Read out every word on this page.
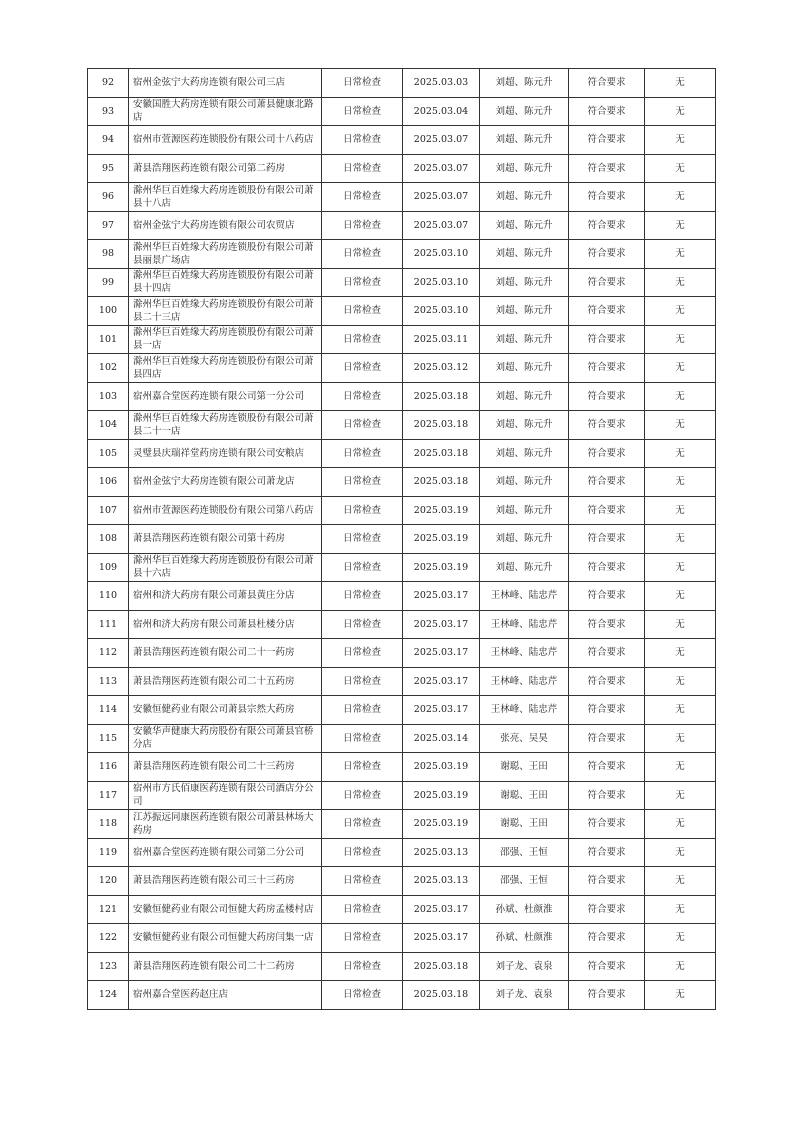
92	宿州金弦宁大药房连锁有限公司三店	日常检查	2025.03.03	刘超、陈元升	符合要求	无
93	安徽国胜大药房连锁有限公司萧县健康北路店	日常检查	2025.03.04	刘超、陈元升	符合要求	无
94	宿州市萱源医药连锁股份有限公司十八药店	日常检查	2025.03.07	刘超、陈元升	符合要求	无
95	萧县浩翔医药连锁有限公司第二药房	日常检查	2025.03.07	刘超、陈元升	符合要求	无
96	滁州华巨百姓缘大药房连锁股份有限公司萧县十八店	日常检查	2025.03.07	刘超、陈元升	符合要求	无
97	宿州金弦宁大药房连锁有限公司农贸店	日常检查	2025.03.07	刘超、陈元升	符合要求	无
98	滁州华巨百姓缘大药房连锁股份有限公司萧县丽景广场店	日常检查	2025.03.10	刘超、陈元升	符合要求	无
99	滁州华巨百姓缘大药房连锁股份有限公司萧县十四店	日常检查	2025.03.10	刘超、陈元升	符合要求	无
100	滁州华巨百姓缘大药房连锁股份有限公司萧县二十三店	日常检查	2025.03.10	刘超、陈元升	符合要求	无
101	滁州华巨百姓缘大药房连锁股份有限公司萧县一店	日常检查	2025.03.11	刘超、陈元升	符合要求	无
102	滁州华巨百姓缘大药房连锁股份有限公司萧县四店	日常检查	2025.03.12	刘超、陈元升	符合要求	无
103	宿州嘉合堂医药连锁有限公司第一分公司	日常检查	2025.03.18	刘超、陈元升	符合要求	无
104	滁州华巨百姓缘大药房连锁股份有限公司萧县二十一店	日常检查	2025.03.18	刘超、陈元升	符合要求	无
105	灵璧县庆瑞祥堂药房连锁有限公司安粮店	日常检查	2025.03.18	刘超、陈元升	符合要求	无
106	宿州金弦宁大药房连锁有限公司萧龙店	日常检查	2025.03.18	刘超、陈元升	符合要求	无
107	宿州市萱源医药连锁股份有限公司第八药店	日常检查	2025.03.19	刘超、陈元升	符合要求	无
108	萧县浩翔医药连锁有限公司第十药房	日常检查	2025.03.19	刘超、陈元升	符合要求	无
109	滁州华巨百姓缘大药房连锁股份有限公司萧县十六店	日常检查	2025.03.19	刘超、陈元升	符合要求	无
110	宿州和济大药房有限公司萧县黄庄分店	日常检查	2025.03.17	王林峰、陆忠芹	符合要求	无
111	宿州和济大药房有限公司萧县杜楼分店	日常检查	2025.03.17	王林峰、陆忠芹	符合要求	无
112	萧县浩翔医药连锁有限公司二十一药房	日常检查	2025.03.17	王林峰、陆忠芹	符合要求	无
113	萧县浩翔医药连锁有限公司二十五药房	日常检查	2025.03.17	王林峰、陆忠芹	符合要求	无
114	安徽恒健药业有限公司萧县宗然大药房	日常检查	2025.03.17	王林峰、陆忠芹	符合要求	无
115	安徽华声健康大药房股份有限公司萧县官桥分店	日常检查	2025.03.14	张亮、吴昊	符合要求	无
116	萧县浩翔医药连锁有限公司二十三药房	日常检查	2025.03.19	谢聪、王田	符合要求	无
117	宿州市方氏佰康医药连锁有限公司酒店分公司	日常检查	2025.03.19	谢聪、王田	符合要求	无
118	江苏振远同康医药连锁有限公司萧县林场大药房	日常检查	2025.03.19	谢聪、王田	符合要求	无
119	宿州嘉合堂医药连锁有限公司第二分公司	日常检查	2025.03.13	邵强、王恒	符合要求	无
120	萧县浩翔医药连锁有限公司三十三药房	日常检查	2025.03.13	邵强、王恒	符合要求	无
121	安徽恒健药业有限公司恒健大药房孟楼村店	日常检查	2025.03.17	孙斌、杜颜淮	符合要求	无
122	安徽恒健药业有限公司恒健大药房闫集一店	日常检查	2025.03.17	孙斌、杜颜淮	符合要求	无
123	萧县浩翔医药连锁有限公司二十二药房	日常检查	2025.03.18	刘子龙、袁泉	符合要求	无
124	宿州嘉合堂医药赵庄店	日常检查	2025.03.18	刘子龙、袁泉	符合要求	无
